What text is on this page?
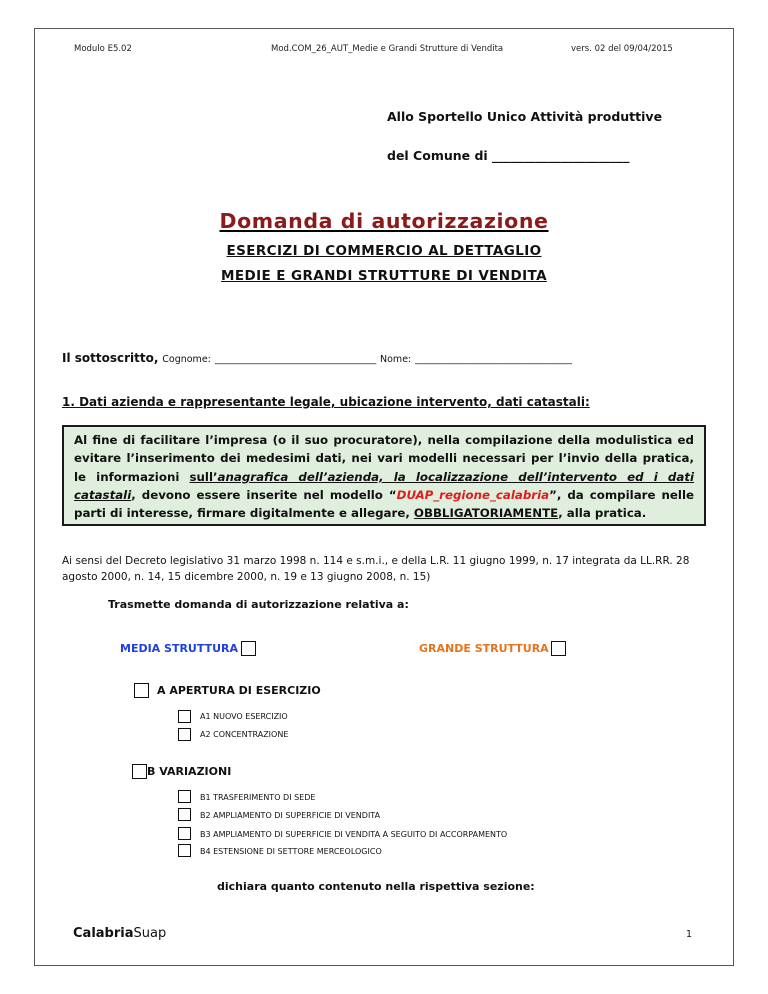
Modulo E5.02	Mod.COM_26_AUT_Medie e Grandi Strutture di Vendita	vers. 02 del 09/04/2015
Allo Sportello Unico Attività produttive
del Comune di ______________________
Domanda di autorizzazione
ESERCIZI DI COMMERCIO AL DETTAGLIO
MEDIE E GRANDI STRUTTURE DI VENDITA
Il sottoscritto, Cognome: __________________________________ Nome: _________________________________
1. Dati azienda e rappresentante legale, ubicazione intervento, dati catastali:
Al fine di facilitare l’impresa (o il suo procuratore), nella compilazione della modulistica ed evitare l’inserimento dei medesimi dati, nei vari modelli necessari per l’invio della pratica, le informazioni sull’anagrafica dell’azienda, la localizzazione dell’intervento ed i dati catastali, devono essere inserite nel modello “DUAP_regione_calabria”, da compilare nelle parti di interesse, firmare digitalmente e allegare, OBBLIGATORIAMENTE, alla pratica.
Ai sensi del Decreto legislativo 31 marzo 1998 n. 114 e s.m.i., e della L.R. 11 giugno 1999, n. 17 integrata da LL.RR. 28 agosto 2000, n. 14, 15 dicembre 2000, n. 19 e 13 giugno 2008, n. 15)
Trasmette domanda di autorizzazione relativa a:
MEDIA STRUTTURA	GRANDE STRUTTURA
A APERTURA DI ESERCIZIO
A1 NUOVO ESERCIZIO
A2 CONCENTRAZIONE
B VARIAZIONI
B1 TRASFERIMENTO DI SEDE
B2 AMPLIAMENTO DI SUPERFICIE DI VENDITA
B3 AMPLIAMENTO DI SUPERFICIE DI VENDITA A SEGUITO DI ACCORPAMENTO
B4 ESTENSIONE DI SETTORE MERCEOLOGICO
dichiara quanto contenuto nella rispettiva sezione:
CalabriaSuap	1
